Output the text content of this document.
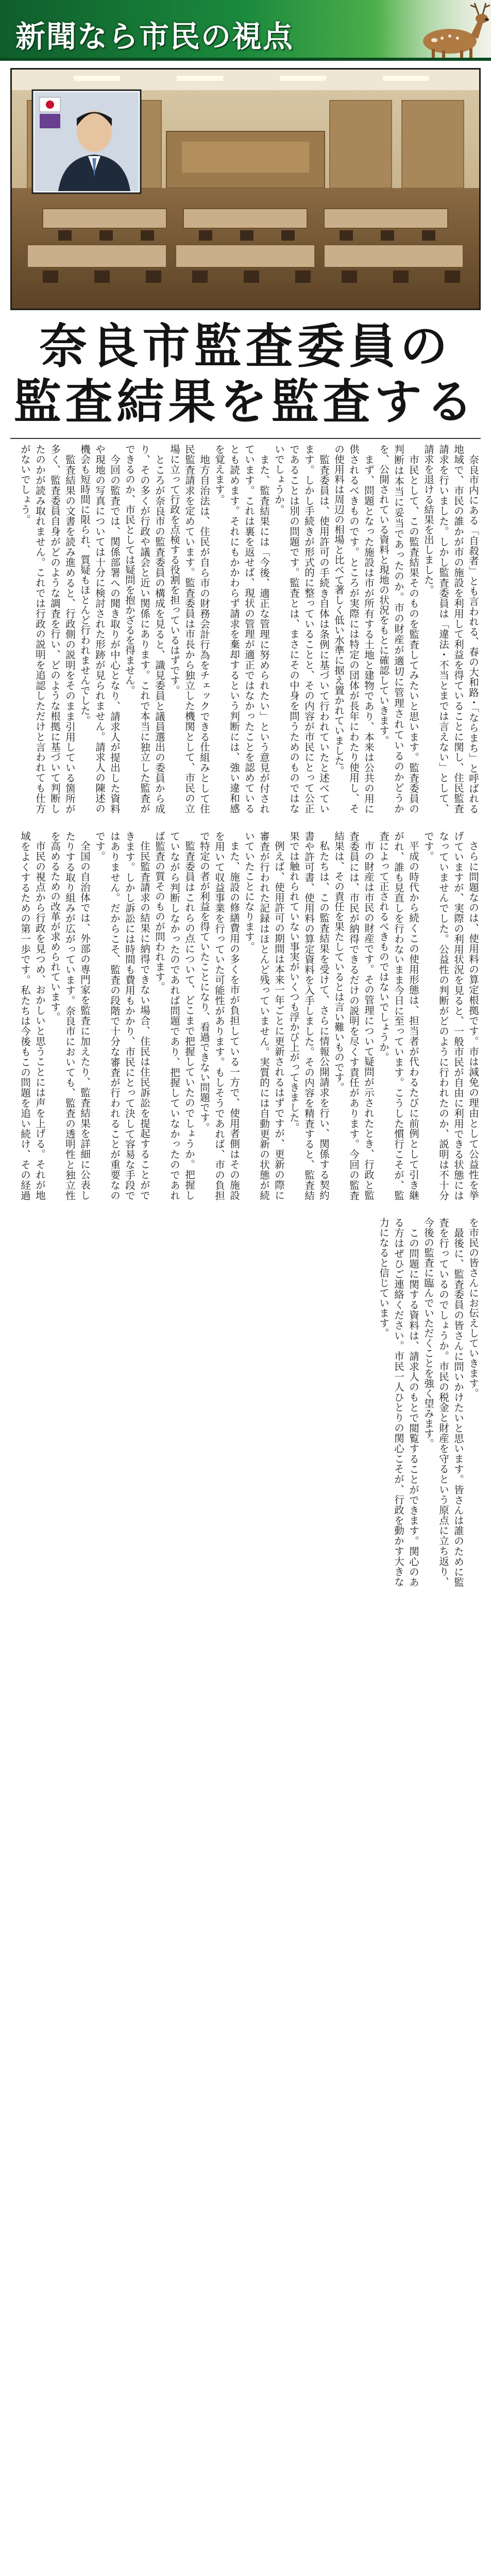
新聞なら市民の視点
奈良市監査委員の
監査結果を監査する

奈良市内にある「自殺者」とも言われる、春の大和路・「ならまち」と呼ばれる地域で、市民の誰かが市の施設を利用して利益を得ていることに関し、住民監査請求を行いました。しかし監査委員は「違法・不当とまでは言えない」として、請求を退ける結果を出しました。

市民として、この監査結果そのものを監査してみたいと思います。監査委員の判断は本当に妥当であったのか。市の財産が適切に管理されているのかどうかを、公開されている資料と現地の状況をもとに確認していきます。

まず、問題となった施設は市が所有する土地と建物であり、本来は公共の用に供されるべきものです。ところが実際には特定の団体が長年にわたり使用し、その使用料は周辺の相場と比べて著しく低い水準に据え置かれていました。

監査委員は、使用許可の手続き自体は条例に基づいて行われていたと述べています。しかし手続きが形式的に整っていることと、その内容が市民にとって公正であることは別の問題です。監査とは、まさにその中身を問うためのものではないでしょうか。

また、監査結果には「今後、適正な管理に努められたい」という意見が付されています。これは裏を返せば、現状の管理が適正ではなかったことを認めているとも読めます。それにもかかわらず請求を棄却するという判断には、強い違和感を覚えます。

地方自治法は、住民が自ら市の財務会計行為をチェックできる仕組みとして住民監査請求を定めています。監査委員は市長から独立した機関として、市民の立場に立って行政を点検する役割を担っているはずです。

ところが奈良市の監査委員の構成を見ると、識見委員と議員選出の委員から成り、その多くが行政や議会と近い関係にあります。これで本当に独立した監査ができるのか、市民としては疑問を抱かざるを得ません。

今回の監査では、関係部署への聞き取りが中心となり、請求人が提出した資料や現地の写真については十分に検討された形跡が見られません。請求人の陳述の機会も短時間に限られ、質疑もほとんど行われませんでした。

監査結果の文書を読み進めると、行政側の説明をそのまま引用している箇所が多く、監査委員自身がどのような調査を行い、どのような根拠に基づいて判断したのかが読み取れません。これでは行政の説明を追認しただけと言われても仕方がないでしょう。

さらに問題なのは、使用料の算定根拠です。市は減免の理由として公益性を挙げていますが、実際の利用状況を見ると、一般市民が自由に利用できる状態にはなっていませんでした。公益性の判断がどのように行われたのか、説明は不十分です。

平成の時代から続くこの使用形態は、担当者が代わるたびに前例として引き継がれ、誰も見直しを行わないまま今日に至っています。こうした慣行こそが、監査によって正されるべきものではないでしょうか。

市の財産は市民の財産です。その管理について疑問が示されたとき、行政と監査委員には、市民が納得できるだけの説明を尽くす責任があります。今回の監査結果は、その責任を果たしているとは言い難いものです。

私たちは、この監査結果を受けて、さらに情報公開請求を行い、関係する契約書や許可書、使用料の算定資料を入手しました。その内容を精査すると、監査結果では触れられていない事実がいくつも浮かび上がってきました。

例えば、使用許可の期間は本来一年ごとに更新されるはずですが、更新の際に審査が行われた記録はほとんど残っていません。実質的には自動更新の状態が続いていたことになります。

また、施設の修繕費用の多くを市が負担している一方で、使用者側はその施設を用いて収益事業を行っていた可能性があります。もしそうであれば、市の負担で特定の者が利益を得ていたことになり、看過できない問題です。

監査委員はこれらの点について、どこまで把握していたのでしょうか。把握していながら判断しなかったのであれば問題であり、把握していなかったのであれば監査の質そのものが問われます。

住民監査請求の結果に納得できない場合、住民は住民訴訟を提起することができます。しかし訴訟には時間も費用もかかり、市民にとって決して容易な手段ではありません。だからこそ、監査の段階で十分な審査が行われることが重要なのです。

全国の自治体では、外部の専門家を監査に加えたり、監査結果を詳細に公表したりする取り組みが広がっています。奈良市においても、監査の透明性と独立性を高めるための改革が求められています。

市民の視点から行政を見つめ、おかしいと思うことには声を上げる。それが地域をよくするための第一歩です。私たちは今後もこの問題を追い続け、その経過を市民の皆さんにお伝えしていきます。

最後に、監査委員の皆さんに問いかけたいと思います。皆さんは誰のために監査を行っているのでしょうか。市民の税金と財産を守るという原点に立ち返り、今後の監査に臨んでいただくことを強く望みます。

この問題に関する資料は、請求人のもとで閲覧することができます。関心のある方はぜひご連絡ください。市民一人ひとりの関心こそが、行政を動かす大きな力になると信じています。
